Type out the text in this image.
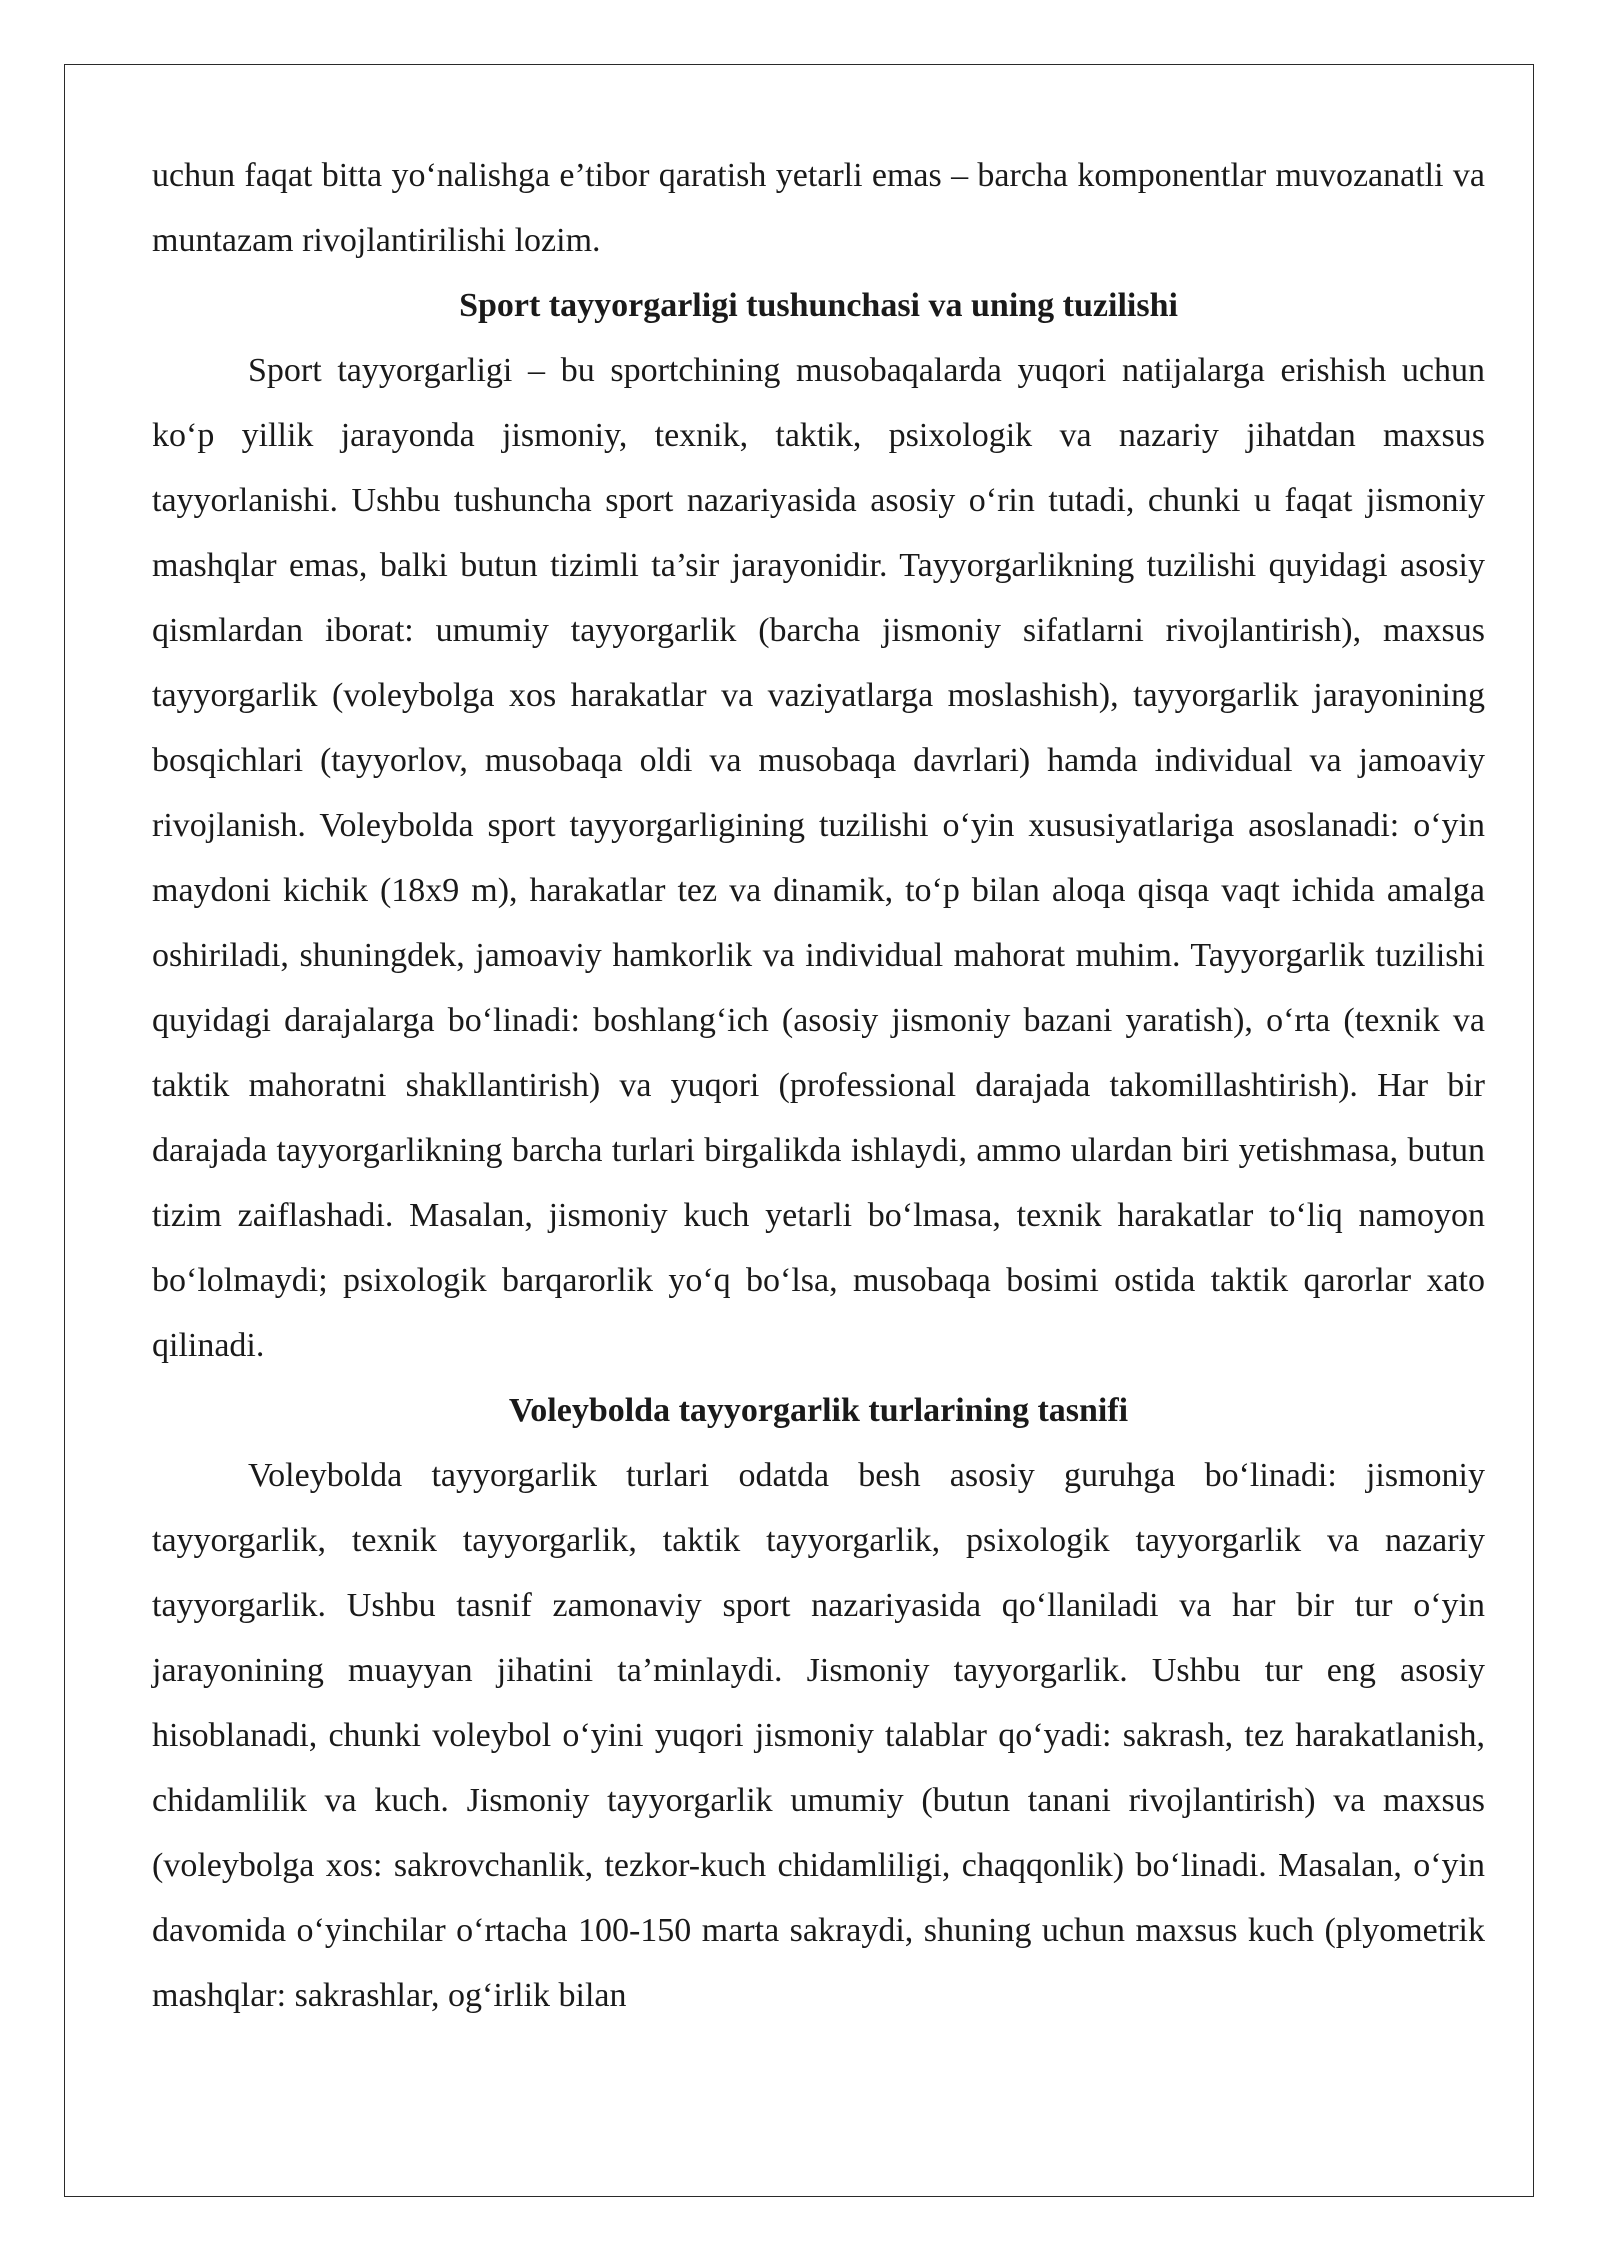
uchun faqat bitta yo‘nalishga e’tibor qaratish yetarli emas – barcha komponentlar muvozanatli va muntazam rivojlantirilishi lozim.

Sport tayyorgarligi tushunchasi va uning tuzilishi

Sport tayyorgarligi – bu sportchining musobaqalarda yuqori natijalarga erishish uchun ko‘p yillik jarayonda jismoniy, texnik, taktik, psixologik va nazariy jihatdan maxsus tayyorlanishi. Ushbu tushuncha sport nazariyasida asosiy o‘rin tutadi, chunki u faqat jismoniy mashqlar emas, balki butun tizimli ta’sir jarayonidir. Tayyorgarlikning tuzilishi quyidagi asosiy qismlardan iborat: umumiy tayyorgarlik (barcha jismoniy sifatlarni rivojlantirish), maxsus tayyorgarlik (voleybolga xos harakatlar va vaziyatlarga moslashish), tayyorgarlik jarayonining bosqichlari (tayyorlov, musobaqa oldi va musobaqa davrlari) hamda individual va jamoaviy rivojlanish. Voleybolda sport tayyorgarligining tuzilishi o‘yin xususiyatlariga asoslanadi: o‘yin maydoni kichik (18x9 m), harakatlar tez va dinamik, to‘p bilan aloqa qisqa vaqt ichida amalga oshiriladi, shuningdek, jamoaviy hamkorlik va individual mahorat muhim. Tayyorgarlik tuzilishi quyidagi darajalarga bo‘linadi: boshlang‘ich (asosiy jismoniy bazani yaratish), o‘rta (texnik va taktik mahoratni shakllantirish) va yuqori (professional darajada takomillashtirish). Har bir darajada tayyorgarlikning barcha turlari birgalikda ishlaydi, ammo ulardan biri yetishmasa, butun tizim zaiflashadi. Masalan, jismoniy kuch yetarli bo‘lmasa, texnik harakatlar to‘liq namoyon bo‘lolmaydi; psixologik barqarorlik yo‘q bo‘lsa, musobaqa bosimi ostida taktik qarorlar xato qilinadi.

Voleybolda tayyorgarlik turlarining tasnifi

Voleybolda tayyorgarlik turlari odatda besh asosiy guruhga bo‘linadi: jismoniy tayyorgarlik, texnik tayyorgarlik, taktik tayyorgarlik, psixologik tayyorgarlik va nazariy tayyorgarlik. Ushbu tasnif zamonaviy sport nazariyasida qo‘llaniladi va har bir tur o‘yin jarayonining muayyan jihatini ta’minlaydi. Jismoniy tayyorgarlik. Ushbu tur eng asosiy hisoblanadi, chunki voleybol o‘yini yuqori jismoniy talablar qo‘yadi: sakrash, tez harakatlanish, chidamlilik va kuch. Jismoniy tayyorgarlik umumiy (butun tanani rivojlantirish) va maxsus (voleybolga xos: sakrovchanlik, tezkor-kuch chidamliligi, chaqqonlik) bo‘linadi. Masalan, o‘yin davomida o‘yinchilar o‘rtacha 100-150 marta sakraydi, shuning uchun maxsus kuch (plyometrik mashqlar: sakrashlar, og‘irlik bilan
